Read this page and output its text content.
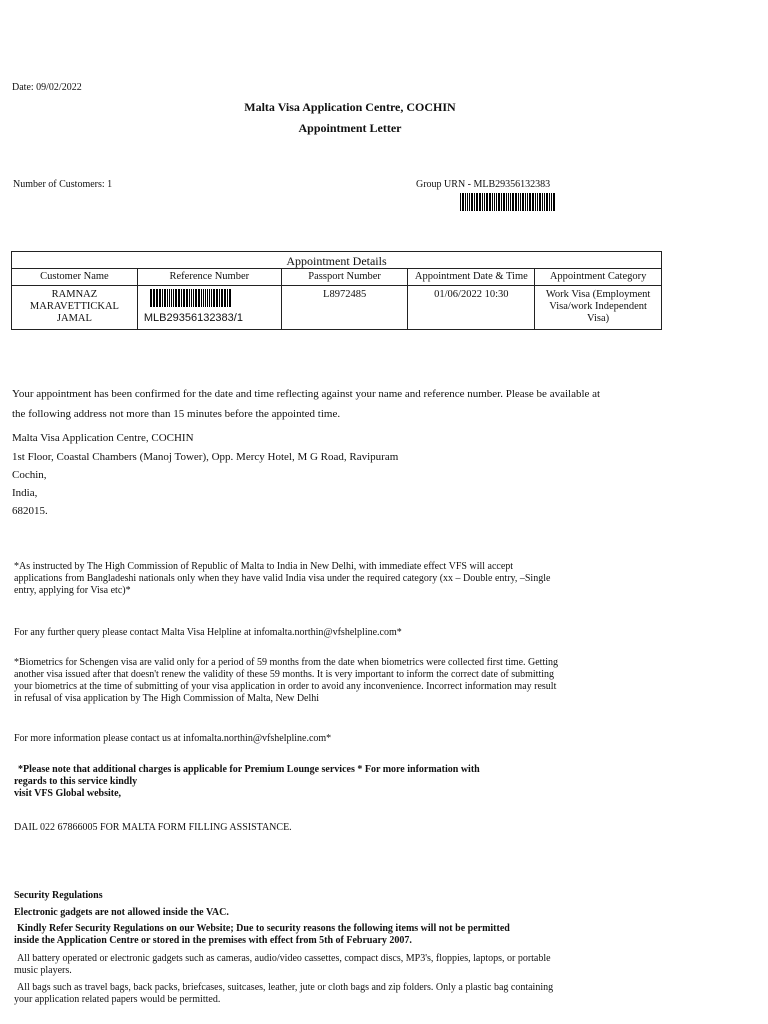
Date: 09/02/2022
Malta Visa Application Centre, COCHIN
Appointment Letter
Number of Customers: 1	Group URN - MLB29356132383
Appointment Details
Customer Name	Reference Number	Passport Number	Appointment Date & Time	Appointment Category
RAMNAZ MARAVETTICKAL JAMAL	MLB29356132383/1	L8972485	01/06/2022 10:30	Work Visa (Employment Visa/work Independent Visa)
Your appointment has been confirmed for the date and time reflecting against your name and reference number. Please be available at
the following address not more than 15 minutes before the appointed time.
Malta Visa Application Centre, COCHIN
1st Floor, Coastal Chambers (Manoj Tower), Opp. Mercy Hotel, M G Road, Ravipuram
Cochin,
India,
682015.

*As instructed by The High Commission of Republic of Malta to India in New Delhi, with immediate effect VFS will accept applications from Bangladeshi nationals only when they have valid India visa under the required category (xx – Double entry, –Single entry, applying for Visa etc)*

For any further query please contact Malta Visa Helpline at infomalta.northin@vfshelpline.com*

*Biometrics for Schengen visa are valid only for a period of 59 months from the date when biometrics were collected first time. Getting another visa issued after that doesn't renew the validity of these 59 months. It is very important to inform the correct date of submitting your biometrics at the time of submitting of your visa application in order to avoid any inconvenience. Incorrect information may result in refusal of visa application by The High Commission of Malta, New Delhi

For more information please contact us at infomalta.northin@vfshelpline.com*

*Please note that additional charges is applicable for Premium Lounge services * For more information with
regards to this service kindly
visit VFS Global website,
DAIL 022 67866005 FOR MALTA FORM FILLING ASSISTANCE.
Security Regulations
Electronic gadgets are not allowed inside the VAC.

Kindly Refer Security Regulations on our Website; Due to security reasons the following items will not be permitted inside the Application Centre or stored in the premises with effect from 5th of February 2007.

All battery operated or electronic gadgets such as cameras, audio/video cassettes, compact discs, MP3's, floppies, laptops, or portable music players.

All bags such as travel bags, back packs, briefcases, suitcases, leather, jute or cloth bags and zip folders. Only a plastic bag containing your application related papers would be permitted.
